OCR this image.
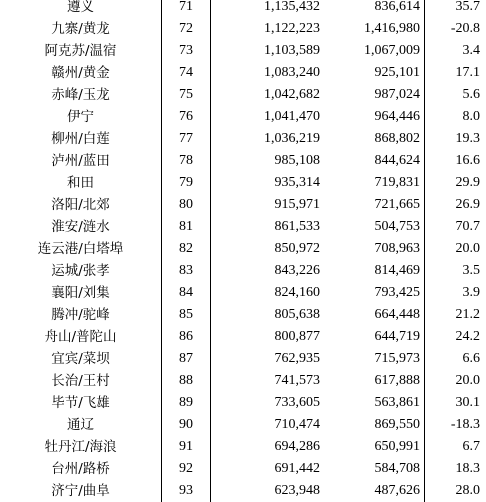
遵义	71	1,135,432	836,614	35.7
九寨/黄龙	72	1,122,223	1,416,980	-20.8
阿克苏/温宿	73	1,103,589	1,067,009	3.4
赣州/黄金	74	1,083,240	925,101	17.1
赤峰/玉龙	75	1,042,682	987,024	5.6
伊宁	76	1,041,470	964,446	8.0
柳州/白莲	77	1,036,219	868,802	19.3
泸州/蓝田	78	985,108	844,624	16.6
和田	79	935,314	719,831	29.9
洛阳/北郊	80	915,971	721,665	26.9
淮安/涟水	81	861,533	504,753	70.7
连云港/白塔埠	82	850,972	708,963	20.0
运城/张孝	83	843,226	814,469	3.5
襄阳/刘集	84	824,160	793,425	3.9
腾冲/驼峰	85	805,638	664,448	21.2
舟山/普陀山	86	800,877	644,719	24.2
宜宾/菜坝	87	762,935	715,973	6.6
长治/王村	88	741,573	617,888	20.0
毕节/飞雄	89	733,605	563,861	30.1
通辽	90	710,474	869,550	-18.3
牡丹江/海浪	91	694,286	650,991	6.7
台州/路桥	92	691,442	584,708	18.3
济宁/曲阜	93	623,948	487,626	28.0
